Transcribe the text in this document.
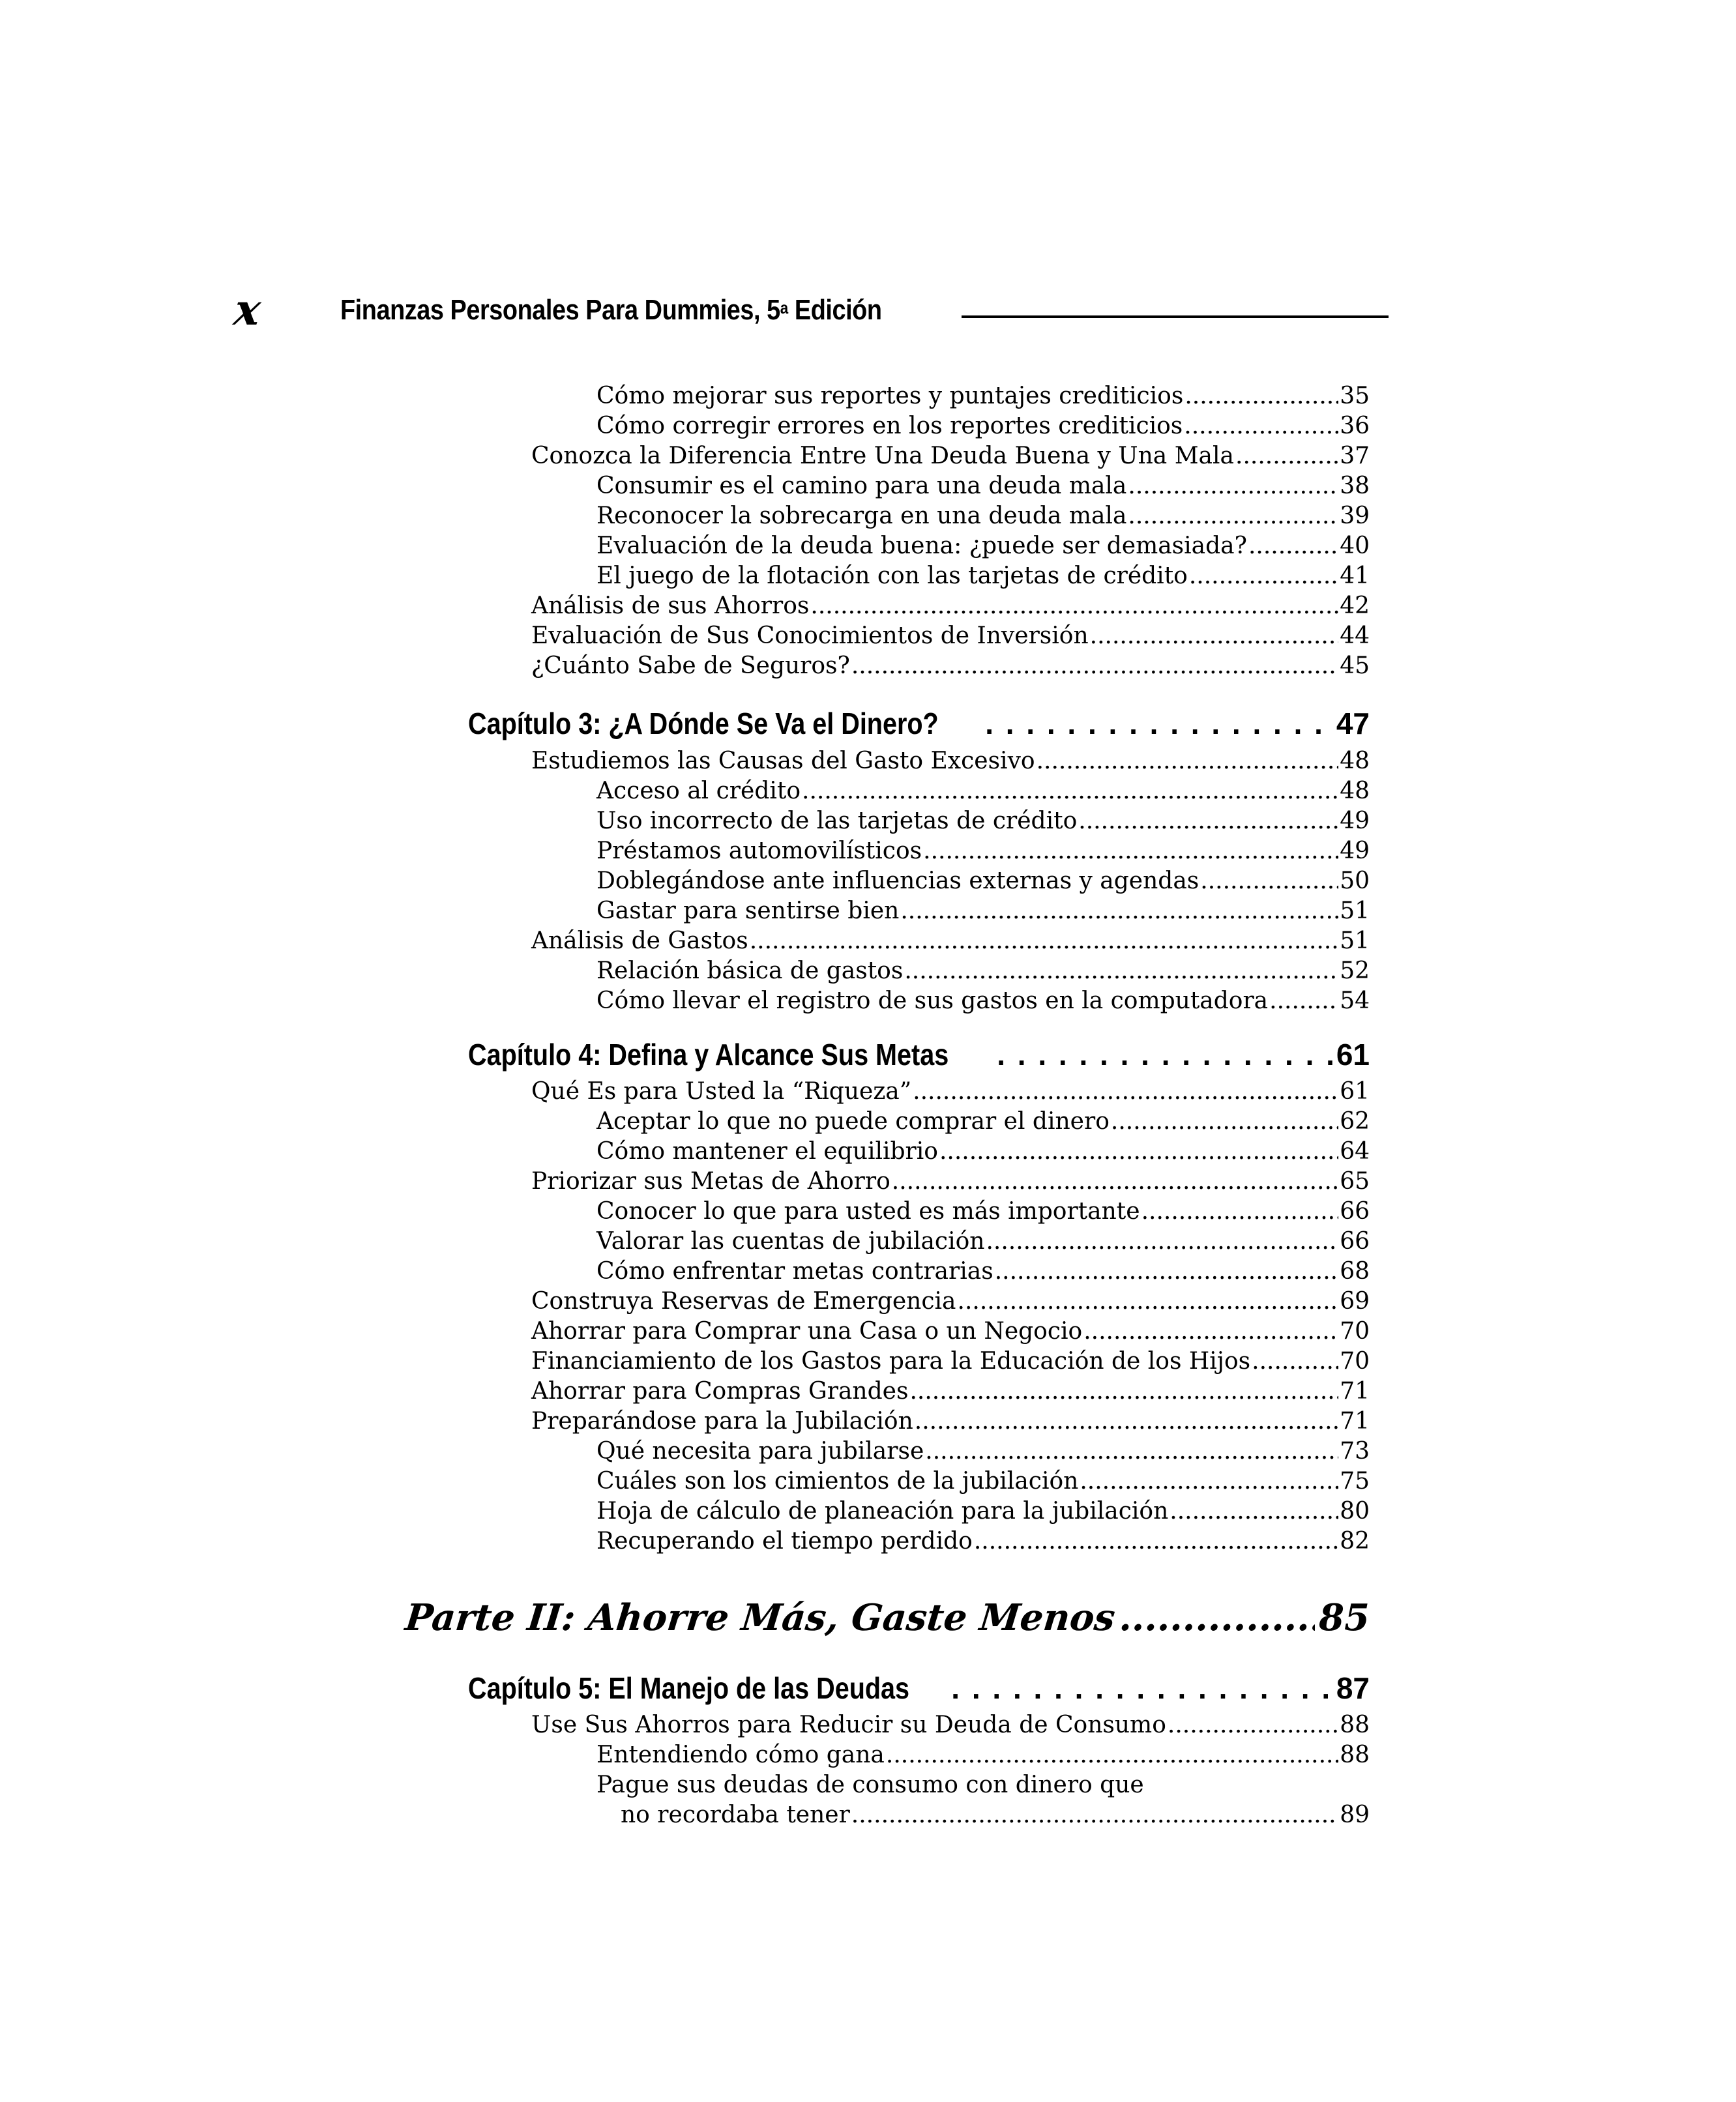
x	Finanzas Personales Para Dummies, 5$^a$ Edición
Cómo mejorar sus reportes y puntajes crediticios .....	35
Cómo corregir errores en los reportes crediticios .....	36
Conozca la Diferencia Entre Una Deuda Buena y Una Mala .....	37
Consumir es el camino para una deuda mala .....	38
Reconocer la sobrecarga en una deuda mala .....	39
Evaluación de la deuda buena: ¿puede ser demasiada? .....	40
El juego de la flotación con las tarjetas de crédito .....	41
Análisis de sus Ahorros .....	42
Evaluación de Sus Conocimientos de Inversión .....	44
¿Cuánto Sabe de Seguros? .....	45
Capítulo 3: ¿A Dónde Se Va el Dinero? . . .	47
Estudiemos las Causas del Gasto Excesivo .....	48
Acceso al crédito .....	48
Uso incorrecto de las tarjetas de crédito .....	49
Préstamos automovilísticos .....	49
Doblegándose ante influencias externas y agendas .....	50
Gastar para sentirse bien .....	51
Análisis de Gastos .....	51
Relación básica de gastos .....	52
Cómo llevar el registro de sus gastos en la computadora .....	54
Capítulo 4: Defina y Alcance Sus Metas . . .	61
Qué Es para Usted la “Riqueza” .....	61
Aceptar lo que no puede comprar el dinero .....	62
Cómo mantener el equilibrio .....	64
Priorizar sus Metas de Ahorro .....	65
Conocer lo que para usted es más importante .....	66
Valorar las cuentas de jubilación .....	66
Cómo enfrentar metas contrarias .....	68
Construya Reservas de Emergencia .....	69
Ahorrar para Comprar una Casa o un Negocio .....	70
Financiamiento de los Gastos para la Educación de los Hijos .....	70
Ahorrar para Compras Grandes .....	71
Preparándose para la Jubilación .....	71
Qué necesita para jubilarse .....	73
Cuáles son los cimientos de la jubilación .....	75
Hoja de cálculo de planeación para la jubilación .....	80
Recuperando el tiempo perdido .....	82
Parte II: Ahorre Más, Gaste Menos .....	85
Capítulo 5: El Manejo de las Deudas . . .	87
Use Sus Ahorros para Reducir su Deuda de Consumo .....	88
Entendiendo cómo gana .....	88
Pague sus deudas de consumo con dinero que
no recordaba tener .....	89
